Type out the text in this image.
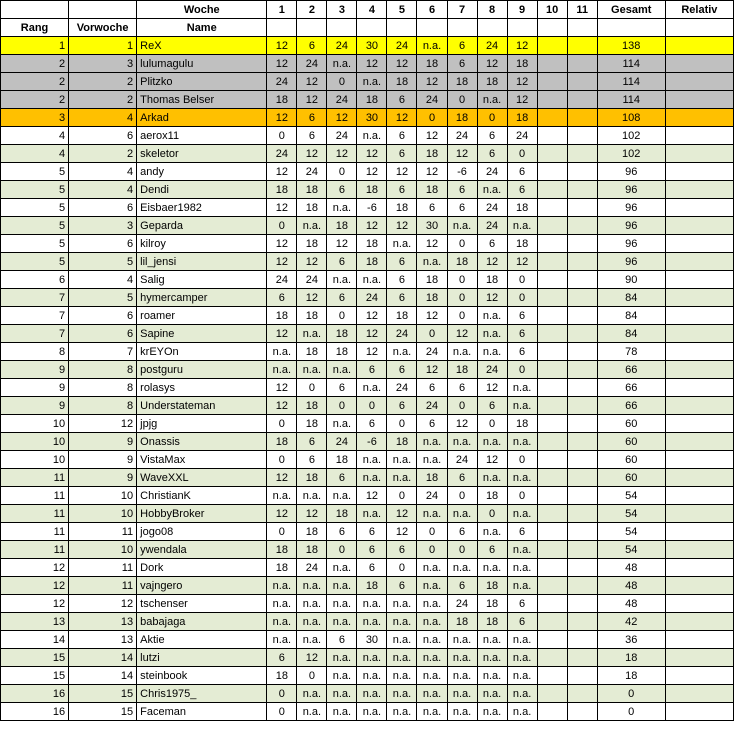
		Woche	1	2	3	4	5	6	7	8	9	10	11	Gesamt	Relativ
Rang	Vorwoche	Name													
1	1	ReX	12	6	24	30	24	n.a.	6	24	12			138	
2	3	lulumagulu	12	24	n.a.	12	12	18	6	12	18			114	
2	2	Plitzko	24	12	0	n.a.	18	12	18	18	12			114	
2	2	Thomas Belser	18	12	24	18	6	24	0	n.a.	12			114	
3	4	Arkad	12	6	12	30	12	0	18	0	18			108	
4	6	aerox11	0	6	24	n.a.	6	12	24	6	24			102	
4	2	skeletor	24	12	12	12	6	18	12	6	0			102	
5	4	andy	12	24	0	12	12	12	-6	24	6			96	
5	4	Dendi	18	18	6	18	6	18	6	n.a.	6			96	
5	6	Eisbaer1982	12	18	n.a.	-6	18	6	6	24	18			96	
5	3	Geparda	0	n.a.	18	12	12	30	n.a.	24	n.a.			96	
5	6	kilroy	12	18	12	18	n.a.	12	0	6	18			96	
5	5	lil_jensi	12	12	6	18	6	n.a.	18	12	12			96	
6	4	Salig	24	24	n.a.	n.a.	6	18	0	18	0			90	
7	5	hymercamper	6	12	6	24	6	18	0	12	0			84	
7	6	roamer	18	18	0	12	18	12	0	n.a.	6			84	
7	6	Sapine	12	n.a.	18	12	24	0	12	n.a.	6			84	
8	7	krEYOn	n.a.	18	18	12	n.a.	24	n.a.	n.a.	6			78	
9	8	postguru	n.a.	n.a.	n.a.	6	6	12	18	24	0			66	
9	8	rolasys	12	0	6	n.a.	24	6	6	12	n.a.			66	
9	8	Understateman	12	18	0	0	6	24	0	6	n.a.			66	
10	12	jpjg	0	18	n.a.	6	0	6	12	0	18			60	
10	9	Onassis	18	6	24	-6	18	n.a.	n.a.	n.a.	n.a.			60	
10	9	VistaMax	0	6	18	n.a.	n.a.	n.a.	24	12	0			60	
11	9	WaveXXL	12	18	6	n.a.	n.a.	18	6	n.a.	n.a.			60	
11	10	ChristianK	n.a.	n.a.	n.a.	12	0	24	0	18	0			54	
11	10	HobbyBroker	12	12	18	n.a.	12	n.a.	n.a.	0	n.a.			54	
11	11	jogo08	0	18	6	6	12	0	6	n.a.	6			54	
11	10	ywendala	18	18	0	6	6	0	0	6	n.a.			54	
12	11	Dork	18	24	n.a.	6	0	n.a.	n.a.	n.a.	n.a.			48	
12	11	vajngero	n.a.	n.a.	n.a.	18	6	n.a.	6	18	n.a.			48	
12	12	tschenser	n.a.	n.a.	n.a.	n.a.	n.a.	n.a.	24	18	6			48	
13	13	babajaga	n.a.	n.a.	n.a.	n.a.	n.a.	n.a.	18	18	6			42	
14	13	Aktie	n.a.	n.a.	6	30	n.a.	n.a.	n.a.	n.a.	n.a.			36	
15	14	lutzi	6	12	n.a.	n.a.	n.a.	n.a.	n.a.	n.a.	n.a.			18	
15	14	steinbook	18	0	n.a.	n.a.	n.a.	n.a.	n.a.	n.a.	n.a.			18	
16	15	Chris1975_	0	n.a.	n.a.	n.a.	n.a.	n.a.	n.a.	n.a.	n.a.			0	
16	15	Faceman	0	n.a.	n.a.	n.a.	n.a.	n.a.	n.a.	n.a.	n.a.			0	
